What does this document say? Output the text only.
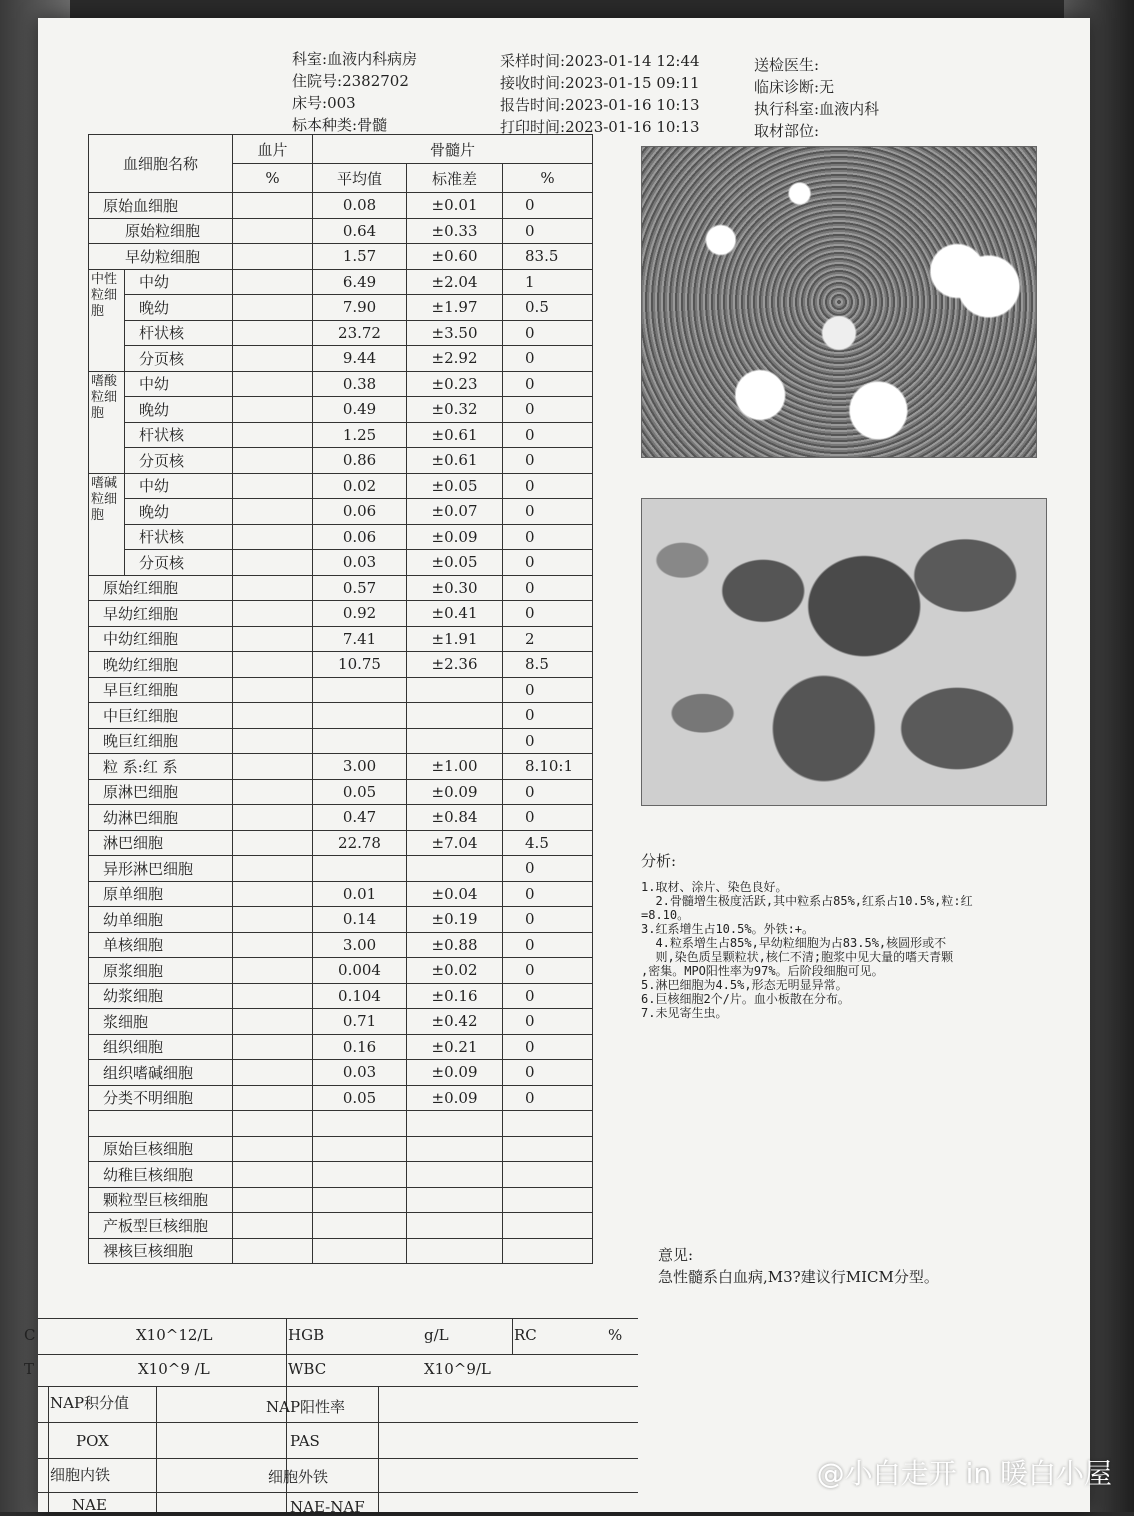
科室:血液内科病房
住院号:2382702
床号:003
标本种类:骨髓
采样时间:2023-01-14 12:44
接收时间:2023-01-15 09:11
报告时间:2023-01-16 10:13
打印时间:2023-01-16 10:13
送检医生:
临床诊断:无
执行科室:血液内科
取材部位:
血细胞名称		血片	骨髓片			
		%	平均值	标准差	%	
原始血细胞			0.08	±0.01	0	
原始粒细胞			0.64	±0.33	0	
早幼粒细胞			1.57	±0.60	83.5	
中性粒细胞	中幼		6.49	±2.04	1	
	晚幼		7.90	±1.97	0.5	
	杆状核		23.72	±3.50	0	
	分页核		9.44	±2.92	0	
嗜酸粒细胞	中幼		0.38	±0.23	0	
	晚幼		0.49	±0.32	0	
	杆状核		1.25	±0.61	0	
	分页核		0.86	±0.61	0	
嗜碱粒细胞	中幼		0.02	±0.05	0	
	晚幼		0.06	±0.07	0	
	杆状核		0.06	±0.09	0	
	分页核		0.03	±0.05	0	
原始红细胞			0.57	±0.30	0	
早幼红细胞			0.92	±0.41	0	
中幼红细胞			7.41	±1.91	2	
晚幼红细胞			10.75	±2.36	8.5	
早巨红细胞					0	
中巨红细胞					0	
晚巨红细胞					0	
粒 系:红 系			3.00	±1.00	8.10:1	
原淋巴细胞			0.05	±0.09	0	
幼淋巴细胞			0.47	±0.84	0	
淋巴细胞			22.78	±7.04	4.5	
异形淋巴细胞					0	
原单细胞			0.01	±0.04	0	
幼单细胞			0.14	±0.19	0	
单核细胞			3.00	±0.88	0	
原浆细胞			0.004	±0.02	0	
幼浆细胞			0.104	±0.16	0	
浆细胞			0.71	±0.42	0	
组织细胞			0.16	±0.21	0	
组织嗜碱细胞			0.03	±0.09	0	
分类不明细胞			0.05	±0.09	0	

原始巨核细胞						
幼稚巨核细胞						
颗粒型巨核细胞						
产板型巨核细胞						
裸核巨核细胞						
分析:
1.取材、涂片、染色良好。
2.骨髓增生极度活跃,其中粒系占85%,红系占10.5%,粒:红
=8.10。
3.红系增生占10.5%。外铁:+。
4.粒系增生占85%,早幼粒细胞为占83.5%,核圆形或不
则,染色质呈颗粒状,核仁不清;胞浆中见大量的嗜天青颗
,密集。MPO阳性率为97%。后阶段细胞可见。
5.淋巴细胞为4.5%,形态无明显异常。
6.巨核细胞2个/片。血小板散在分布。
7.未见寄生虫。
意见:
急性髓系白血病,M3?建议行MICM分型。
C	X10^12/L	HGB	g/L	RC	%
T	X10^9 /L	WBC	X10^9/L
NAP积分值	NAP阳性率
POX	PAS
细胞内铁	细胞外铁
NAE	NAE-NAF
@小白走开 in 暖白小屋
